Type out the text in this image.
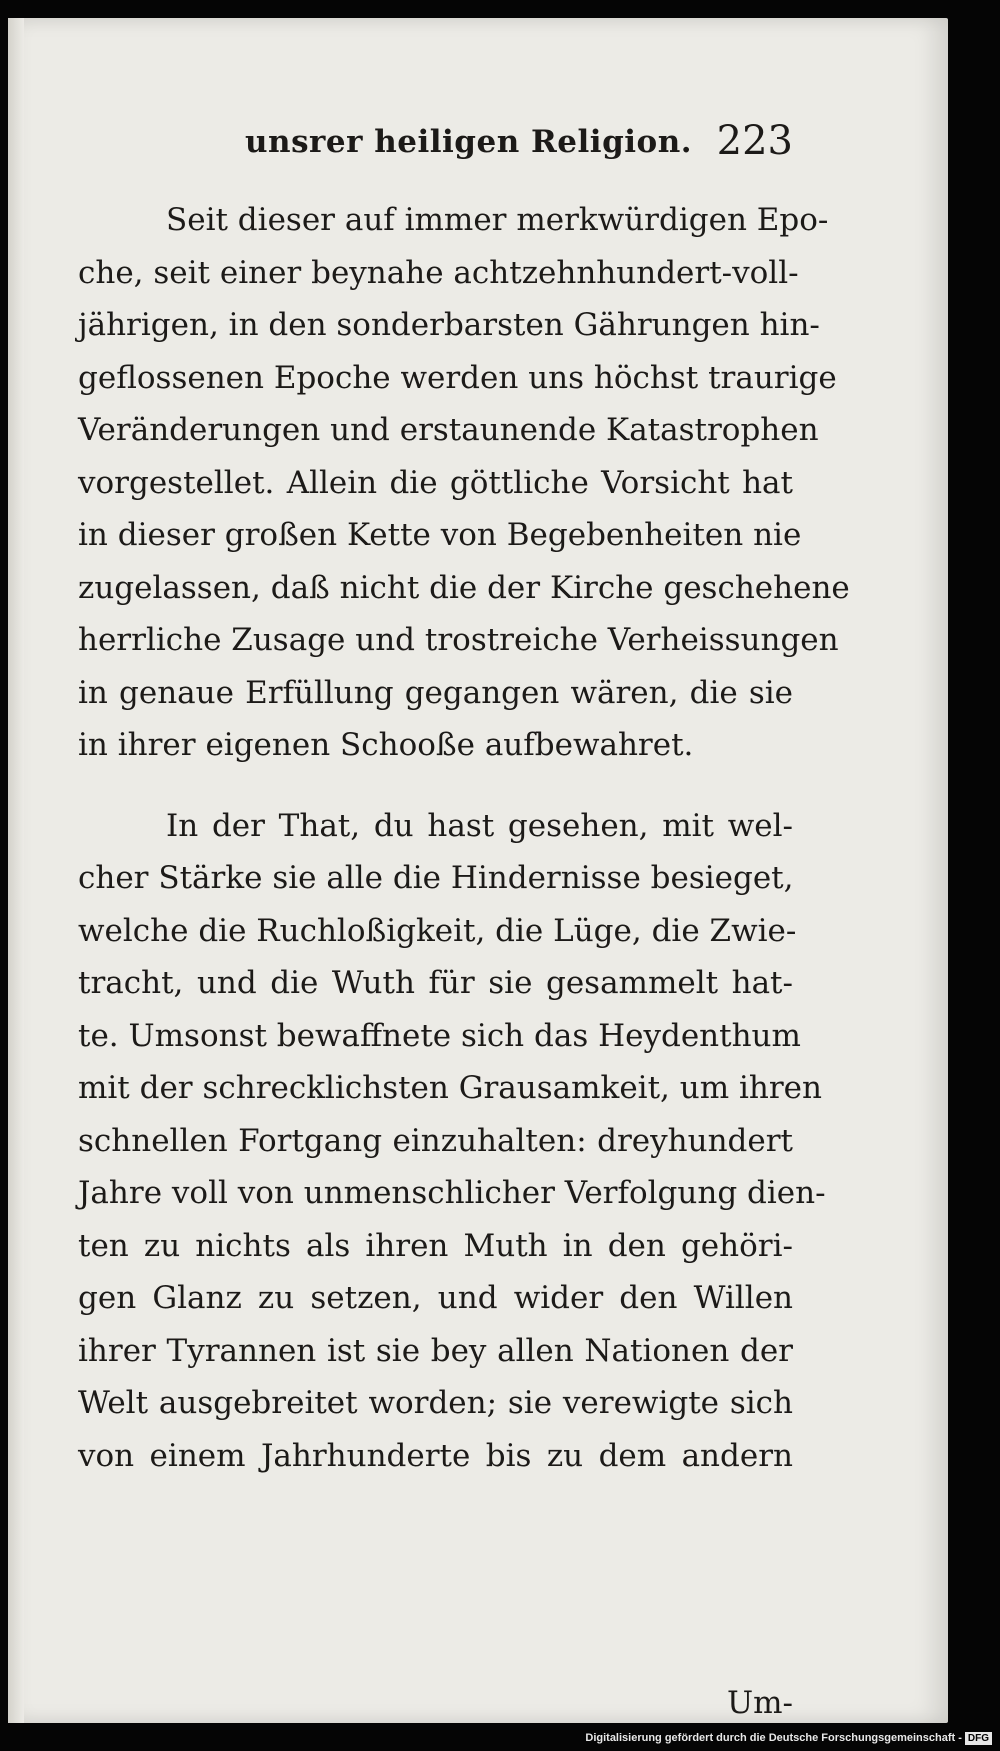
unsrer heiligen Religion. 223
Seit dieser auf immer merkwürdigen Epo-
che, seit einer beynahe achtzehnhundert-voll-
jährigen, in den sonderbarsten Gährungen hin-
geflossenen Epoche werden uns höchst traurige
Veränderungen und erstaunende Katastrophen
vorgestellet. Allein die göttliche Vorsicht hat
in dieser großen Kette von Begebenheiten nie
zugelassen, daß nicht die der Kirche geschehene
herrliche Zusage und trostreiche Verheissungen
in genaue Erfüllung gegangen wären, die sie
in ihrer eigenen Schooße aufbewahret.
In der That, du hast gesehen, mit wel-
cher Stärke sie alle die Hindernisse besieget,
welche die Ruchloßigkeit, die Lüge, die Zwie-
tracht, und die Wuth für sie gesammelt hat-
te. Umsonst bewaffnete sich das Heydenthum
mit der schrecklichsten Grausamkeit, um ihren
schnellen Fortgang einzuhalten: dreyhundert
Jahre voll von unmenschlicher Verfolgung dien-
ten zu nichts als ihren Muth in den gehöri-
gen Glanz zu setzen, und wider den Willen
ihrer Tyrannen ist sie bey allen Nationen der
Welt ausgebreitet worden; sie verewigte sich
von einem Jahrhunderte bis zu dem andern
Um-
Digitalisierung gefördert durch die Deutsche Forschungsgemeinschaft - DFG
